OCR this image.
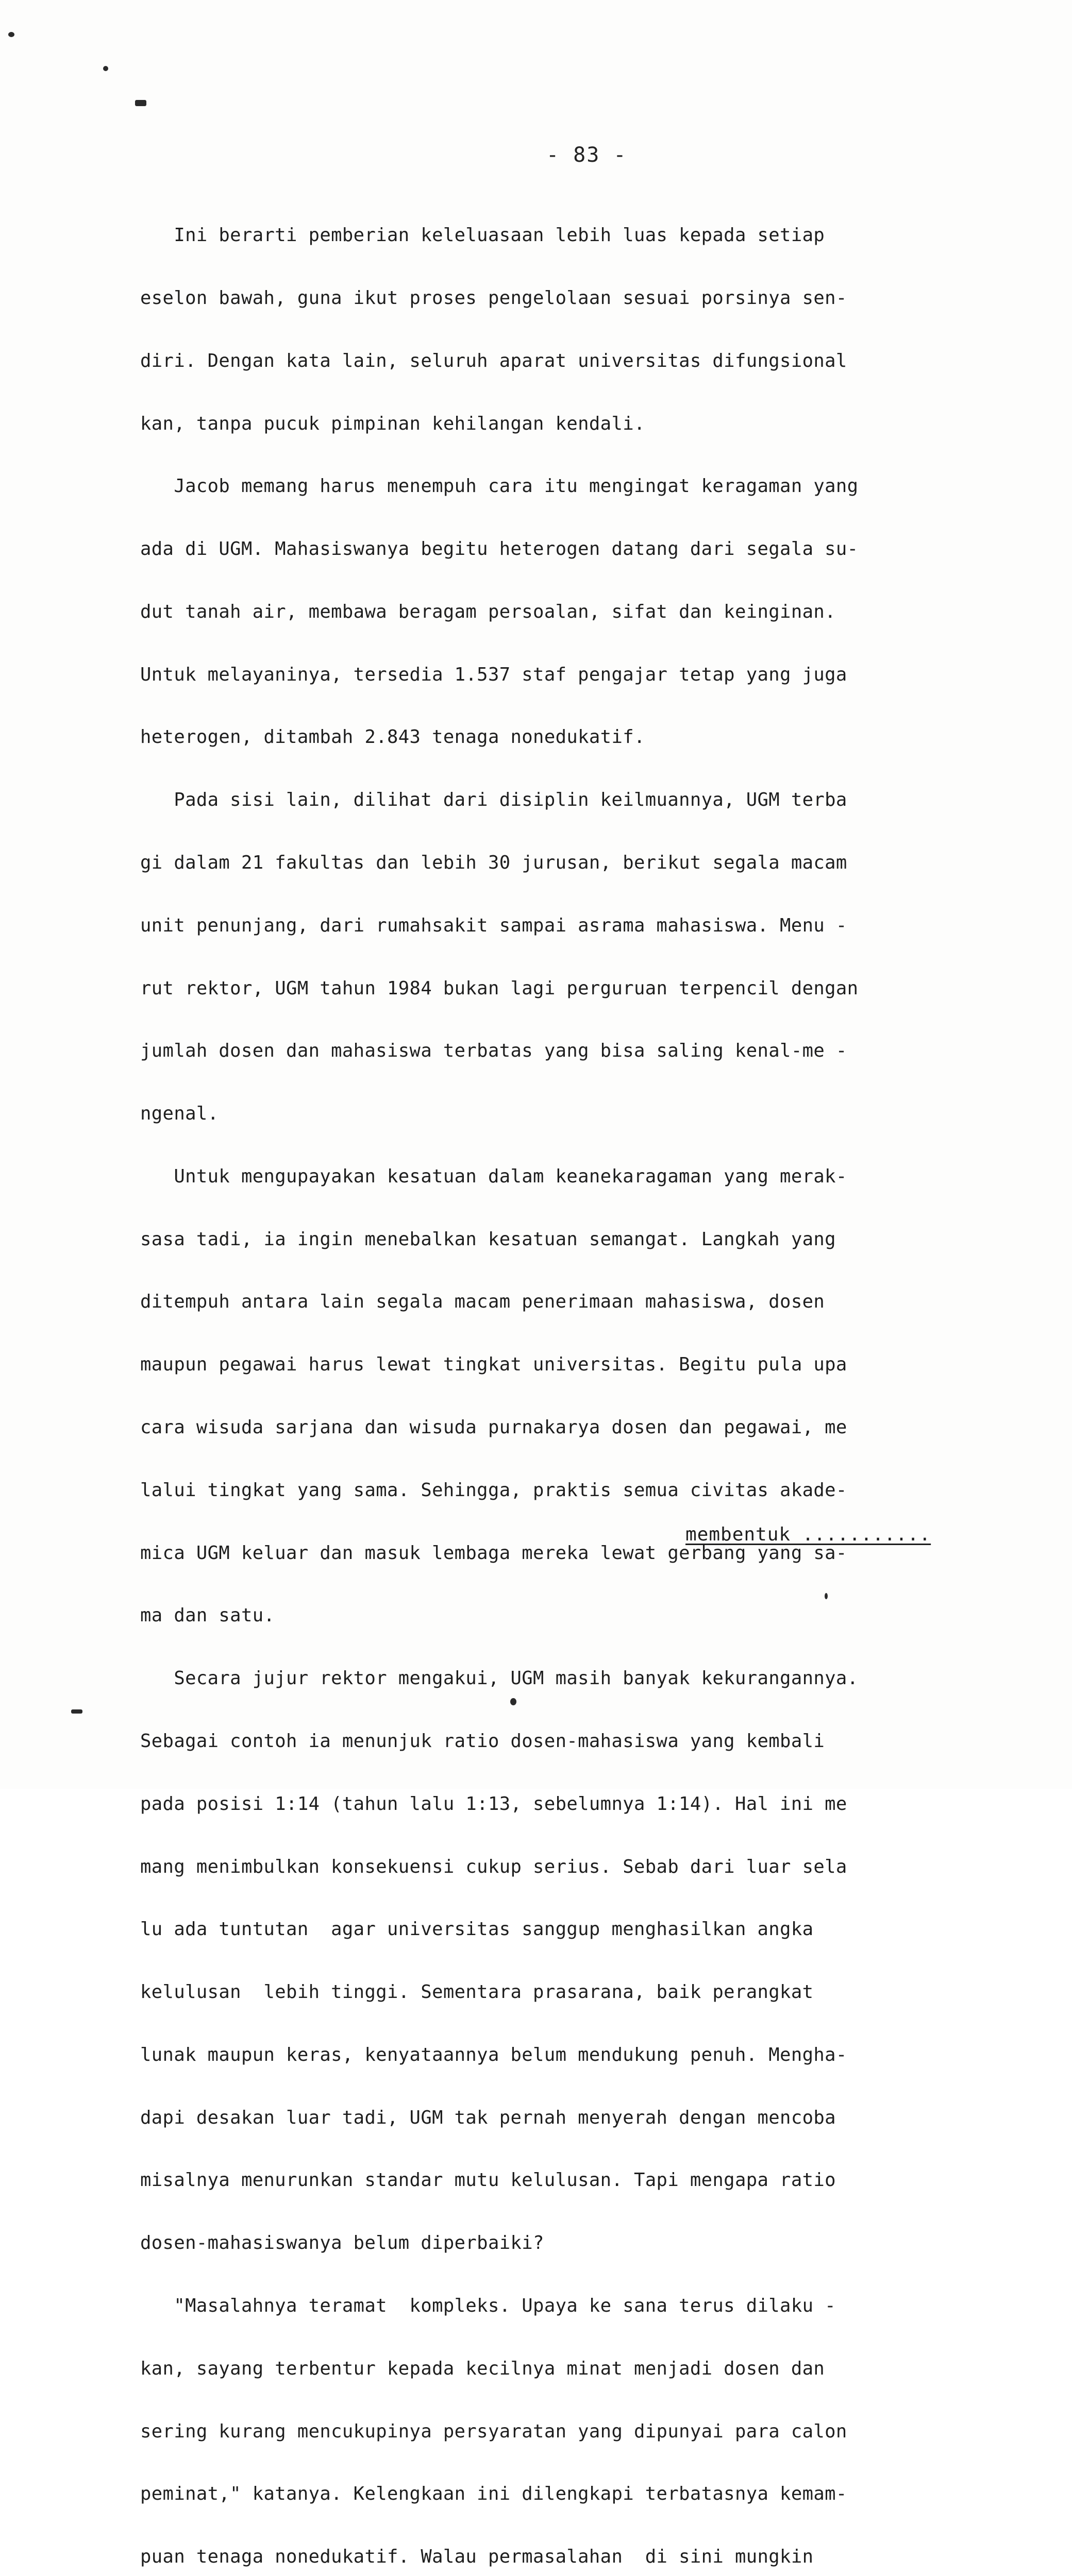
- 83 -

Ini berarti pemberian keleluasaan lebih luas kepada setiap

eselon bawah, guna ikut proses pengelolaan sesuai porsinya sen-

diri. Dengan kata lain, seluruh aparat universitas difungsional

kan, tanpa pucuk pimpinan kehilangan kendali.

Jacob memang harus menempuh cara itu mengingat keragaman yang

ada di UGM. Mahasiswanya begitu heterogen datang dari segala su-

dut tanah air, membawa beragam persoalan, sifat dan keinginan.

Untuk melayaninya, tersedia 1.537 staf pengajar tetap yang juga

heterogen, ditambah 2.843 tenaga nonedukatif.

Pada sisi lain, dilihat dari disiplin keilmuannya, UGM terba

gi dalam 21 fakultas dan lebih 30 jurusan, berikut segala macam

unit penunjang, dari rumahsakit sampai asrama mahasiswa. Menu -

rut rektor, UGM tahun 1984 bukan lagi perguruan terpencil dengan

jumlah dosen dan mahasiswa terbatas yang bisa saling kenal-me -

ngenal.

Untuk mengupayakan kesatuan dalam keanekaragaman yang merak-

sasa tadi, ia ingin menebalkan kesatuan semangat. Langkah yang

ditempuh antara lain segala macam penerimaan mahasiswa, dosen

maupun pegawai harus lewat tingkat universitas. Begitu pula upa

cara wisuda sarjana dan wisuda purnakarya dosen dan pegawai, me

lalui tingkat yang sama. Sehingga, praktis semua civitas akade-

mica UGM keluar dan masuk lembaga mereka lewat gerbang yang sa-

ma dan satu.

Secara jujur rektor mengakui, UGM masih banyak kekurangannya.

Sebagai contoh ia menunjuk ratio dosen-mahasiswa yang kembali

pada posisi 1:14 (tahun lalu 1:13, sebelumnya 1:14). Hal ini me

mang menimbulkan konsekuensi cukup serius. Sebab dari luar sela

lu ada tuntutan  agar universitas sanggup menghasilkan angka

kelulusan  lebih tinggi. Sementara prasarana, baik perangkat

lunak maupun keras, kenyataannya belum mendukung penuh. Mengha-

dapi desakan luar tadi, UGM tak pernah menyerah dengan mencoba

misalnya menurunkan standar mutu kelulusan. Tapi mengapa ratio

dosen-mahasiswanya belum diperbaiki?

"Masalahnya teramat  kompleks. Upaya ke sana terus dilaku -

kan, sayang terbentur kepada kecilnya minat menjadi dosen dan

sering kurang mencukupinya persyaratan yang dipunyai para calon

peminat," katanya. Kelengkaan ini dilengkapi terbatasnya kemam-

puan tenaga nonedukatif. Walau permasalahan  di sini mungkin

membentuk ...........
